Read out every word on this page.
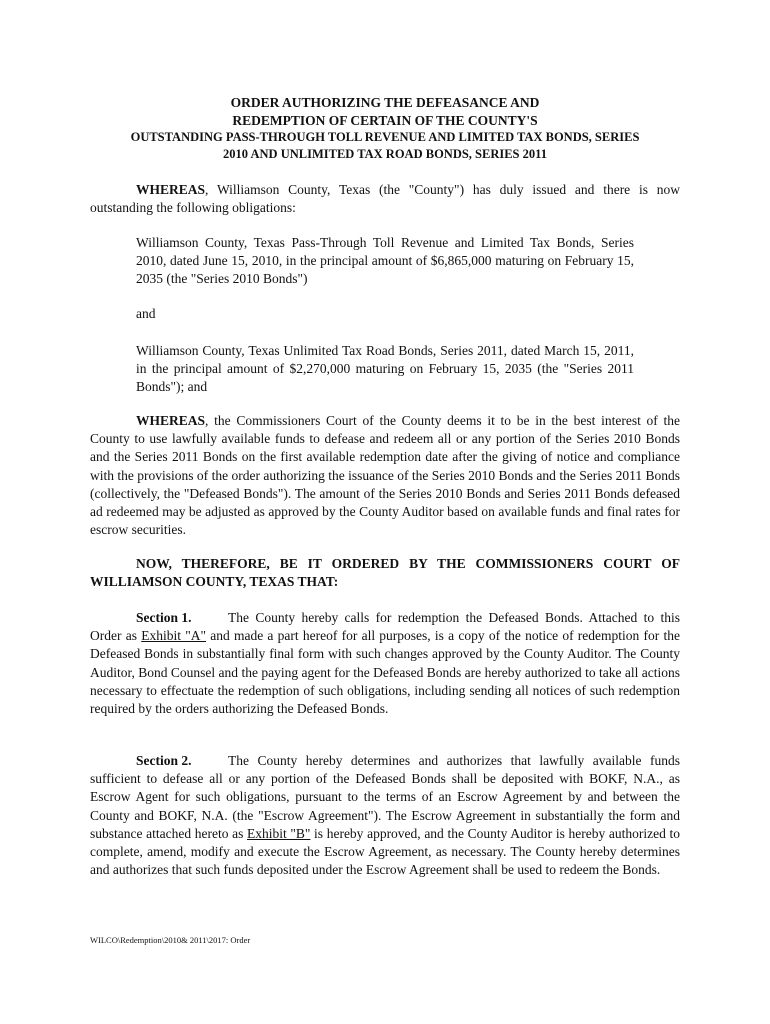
ORDER AUTHORIZING THE DEFEASANCE AND
REDEMPTION OF CERTAIN OF THE COUNTY'S
OUTSTANDING PASS-THROUGH TOLL REVENUE AND LIMITED TAX BONDS, SERIES
2010 AND UNLIMITED TAX ROAD BONDS, SERIES 2011

WHEREAS, Williamson County, Texas (the "County") has duly issued and there is now outstanding the following obligations:

Williamson County, Texas Pass-Through Toll Revenue and Limited Tax Bonds, Series 2010, dated June 15, 2010, in the principal amount of $6,865,000 maturing on February 15, 2035 (the "Series 2010 Bonds")

and

Williamson County, Texas Unlimited Tax Road Bonds, Series 2011, dated March 15, 2011, in the principal amount of $2,270,000 maturing on February 15, 2035 (the "Series 2011 Bonds"); and

WHEREAS, the Commissioners Court of the County deems it to be in the best interest of the County to use lawfully available funds to defease and redeem all or any portion of the Series 2010 Bonds and the Series 2011 Bonds on the first available redemption date after the giving of notice and compliance with the provisions of the order authorizing the issuance of the Series 2010 Bonds and the Series 2011 Bonds (collectively, the "Defeased Bonds"). The amount of the Series 2010 Bonds and Series 2011 Bonds defeased ad redeemed may be adjusted as approved by the County Auditor based on available funds and final rates for escrow securities.

NOW, THEREFORE, BE IT ORDERED BY THE COMMISSIONERS COURT OF WILLIAMSON COUNTY, TEXAS THAT:

Section 1.	The County hereby calls for redemption the Defeased Bonds. Attached to this Order as Exhibit "A" and made a part hereof for all purposes, is a copy of the notice of redemption for the Defeased Bonds in substantially final form with such changes approved by the County Auditor. The County Auditor, Bond Counsel and the paying agent for the Defeased Bonds are hereby authorized to take all actions necessary to effectuate the redemption of such obligations, including sending all notices of such redemption required by the orders authorizing the Defeased Bonds.

Section 2.	The County hereby determines and authorizes that lawfully available funds sufficient to defease all or any portion of the Defeased Bonds shall be deposited with BOKF, N.A., as Escrow Agent for such obligations, pursuant to the terms of an Escrow Agreement by and between the County and BOKF, N.A. (the "Escrow Agreement"). The Escrow Agreement in substantially the form and substance attached hereto as Exhibit "B" is hereby approved, and the County Auditor is hereby authorized to complete, amend, modify and execute the Escrow Agreement, as necessary. The County hereby determines and authorizes that such funds deposited under the Escrow Agreement shall be used to redeem the Bonds.

WILCO\Redemption\2010& 2011\2017: Order
